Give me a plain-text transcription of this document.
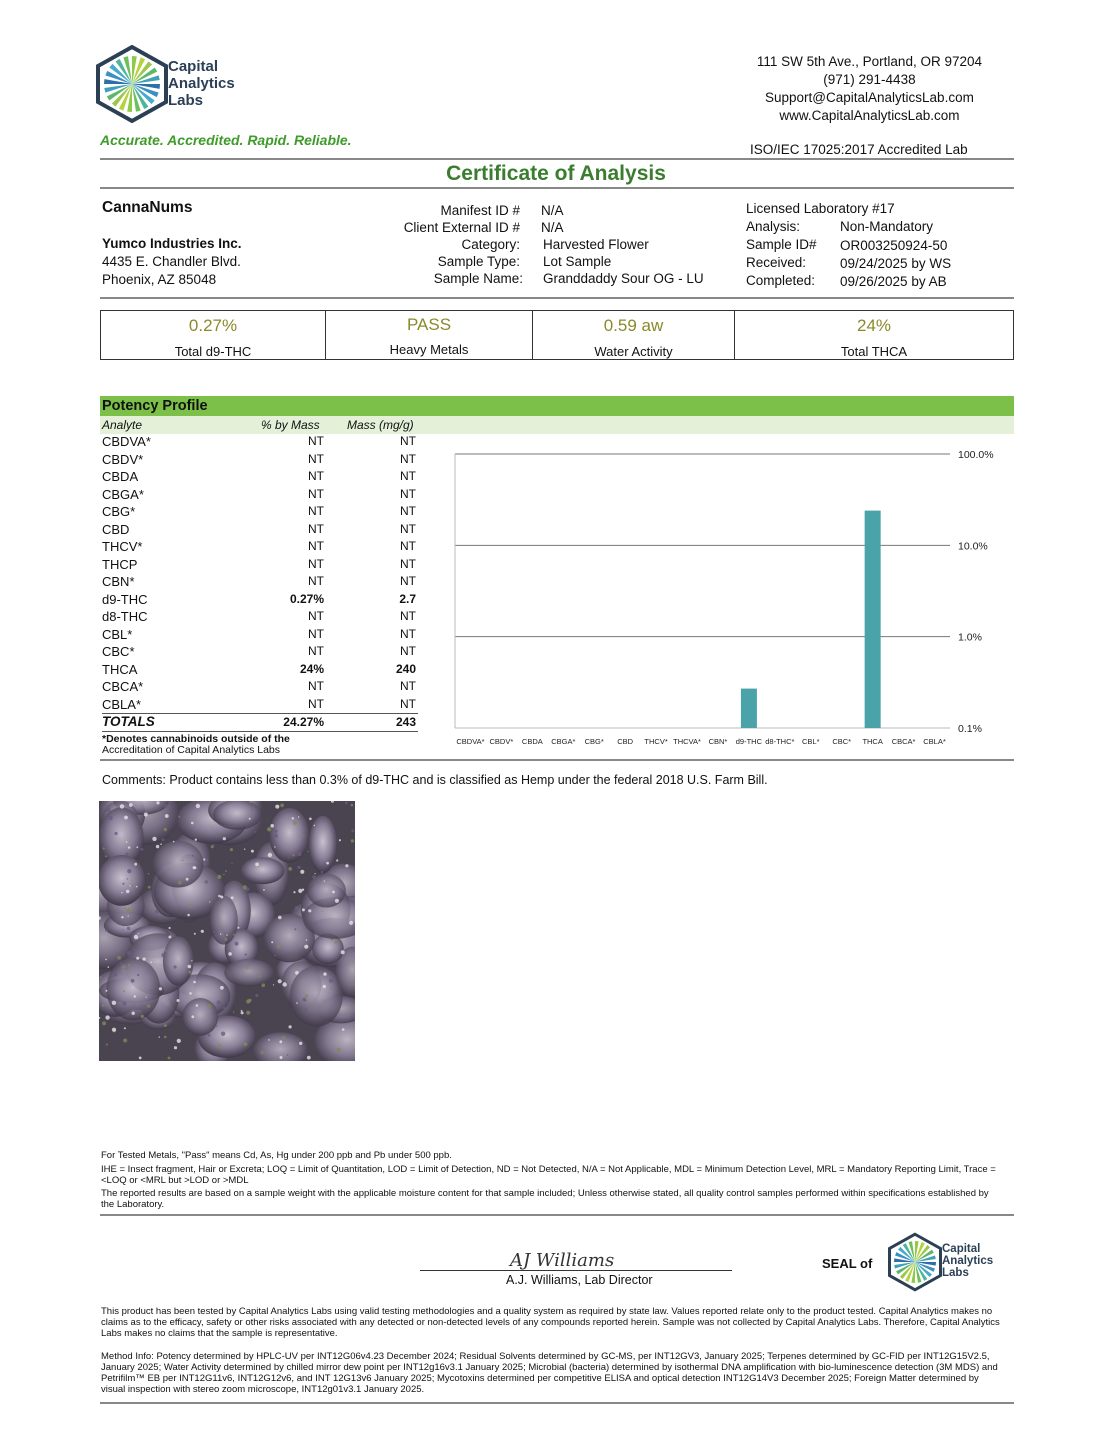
Capital
Analytics
Labs
Accurate. Accredited. Rapid. Reliable.
111 SW 5th Ave., Portland, OR 97204
(971) 291-4438
Support@CapitalAnalyticsLab.com
www.CapitalAnalyticsLab.com
ISO/IEC 17025:2017 Accredited Lab
Certificate of Analysis
CannaNums
Yumco Industries Inc.
4435 E. Chandler Blvd.
Phoenix, AZ 85048
Manifest ID # N/A
Client External ID # N/A
Category: Harvested Flower
Sample Type: Lot Sample
Sample Name: Granddaddy Sour OG - LU
Licensed Laboratory #17
Analysis:	Non-Mandatory
Sample ID# OR003250924-50
Received:	09/24/2025 by WS
Completed: 09/26/2025 by AB
0.27%
Total d9-THC
PASS
Heavy Metals
0.59 aw
Water Activity
24%
Total THCA
Potency Profile
Analyte	% by Mass Mass (mg/g)
CBDVA*	NT	NT
CBDV*	NT	NT
CBDA	NT	NT
CBGA*	NT	NT
CBG*	NT	NT
CBD	NT	NT
THCV*	NT	NT
THCP	NT	NT
CBN*	NT	NT
d9-THC	0.27%	2.7
d8-THC	NT	NT
CBL*	NT	NT
CBC*	NT	NT
THCA	24%	240
CBCA*	NT	NT
CBLA*	NT	NT
TOTALS	24.27%	243
*Denotes cannabinoids outside of the
Accreditation of Capital Analytics Labs
100.0%
10.0%
1.0%
0.1%
CBDVA* CBDV* CBDA CBGA* CBG* CBD THCV* THCVA* CBN* d9-THC d8-THC* CBL* CBC* THCA CBCA* CBLA*
Comments: Product contains less than 0.3% of d9-THC and is classified as Hemp under the federal 2018 U.S. Farm Bill.
For Tested Metals, "Pass" means Cd, As, Hg under 200 ppb and Pb under 500 ppb.
IHE = Insect fragment, Hair or Excreta; LOQ = Limit of Quantitation, LOD = Limit of Detection, ND = Not Detected, N/A = Not Applicable, MDL = Minimum Detection Level, MRL = Mandatory Reporting Limit, Trace = <LOQ or <MRL but >LOD or >MDL
The reported results are based on a sample weight with the applicable moisture content for that sample included; Unless otherwise stated, all quality control samples performed within specifications established by the Laboratory.
AJ Williams
A.J. Williams, Lab Director
SEAL of
Capital
Analytics
Labs
This product has been tested by Capital Analytics Labs using valid testing methodologies and a quality system as required by state law. Values reported relate only to the product tested. Capital Analytics makes no claims as to the efficacy, safety or other risks associated with any detected or non-detected levels of any compounds reported herein. Sample was not collected by Capital Analytics Labs. Therefore, Capital Analytics Labs makes no claims that the sample is representative.
Method Info: Potency determined by HPLC-UV per INT12G06v4.23 December 2024; Residual Solvents determined by GC-MS, per INT12GV3, January 2025; Terpenes determined by GC-FID per INT12G15V2.5, January 2025; Water Activity determined by chilled mirror dew point per INT12g16v3.1 January 2025; Microbial (bacteria) determined by isothermal DNA amplification with bio-luminescence detection (3M MDS) and Petrifilm™ EB per INT12G11v6, INT12G12v6, and INT 12G13v6 January 2025; Mycotoxins determined per competitive ELISA and optical detection INT12G14V3 December 2025; Foreign Matter determined by visual inspection with stereo zoom microscope, INT12g01v3.1 January 2025.
